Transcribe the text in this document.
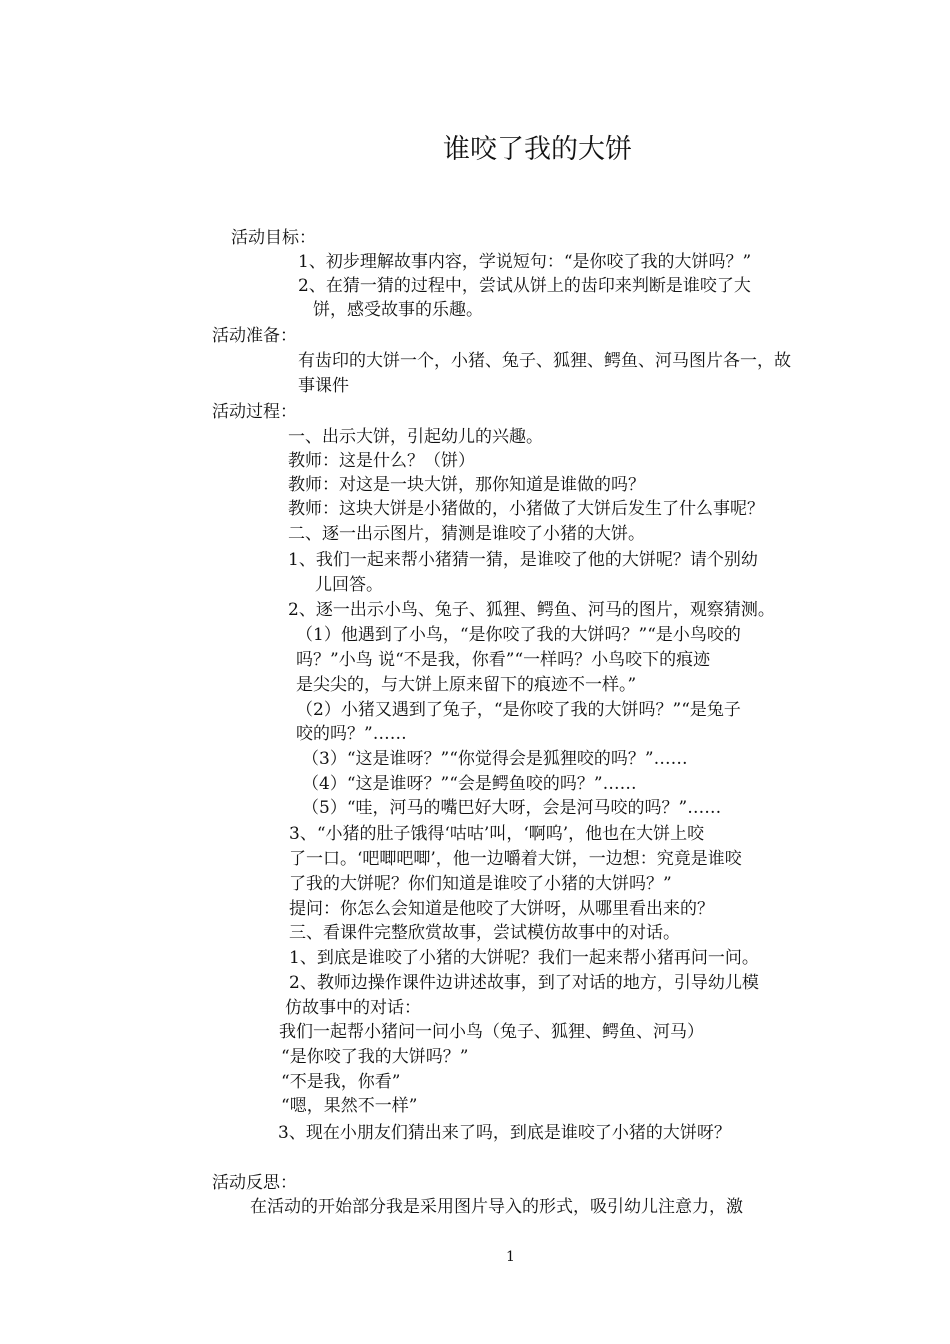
谁咬了我的大饼
活动目标：
1、初步理解故事内容，学说短句：“是你咬了我的大饼吗？”
2、在猜一猜的过程中，尝试从饼上的齿印来判断是谁咬了大
饼，感受故事的乐趣。
活动准备：
有齿印的大饼一个，小猪、兔子、狐狸、鳄鱼、河马图片各一，故
事课件
活动过程：
一、出示大饼，引起幼儿的兴趣。
教师：这是什么？（饼）
教师：对这是一块大饼，那你知道是谁做的吗？
教师：这块大饼是小猪做的，小猪做了大饼后发生了什么事呢？
二、逐一出示图片，猜测是谁咬了小猪的大饼。
1、我们一起来帮小猪猜一猜，是谁咬了他的大饼呢？请个别幼
儿回答。
2、逐一出示小鸟、兔子、狐狸、鳄鱼、河马的图片，观察猜测。
（1）他遇到了小鸟，“是你咬了我的大饼吗？”“是小鸟咬的
吗？”小鸟 说“不是我，你看”“一样吗？小鸟咬下的痕迹
是尖尖的，与大饼上原来留下的痕迹不一样。”
（2）小猪又遇到了兔子，“是你咬了我的大饼吗？”“是兔子
咬的吗？”……
（3）“这是谁呀？”“你觉得会是狐狸咬的吗？”……
（4）“这是谁呀？”“会是鳄鱼咬的吗？”……
（5）“哇，河马的嘴巴好大呀，会是河马咬的吗？”……
3、“小猪的肚子饿得‘咕咕’叫，‘啊呜’，他也在大饼上咬
了一口。‘吧唧吧唧’，他一边嚼着大饼，一边想：究竟是谁咬
了我的大饼呢？你们知道是谁咬了小猪的大饼吗？”
提问：你怎么会知道是他咬了大饼呀，从哪里看出来的？
三、看课件完整欣赏故事，尝试模仿故事中的对话。
1、到底是谁咬了小猪的大饼呢？我们一起来帮小猪再问一问。
2、教师边操作课件边讲述故事，到了对话的地方，引导幼儿模
仿故事中的对话：
我们一起帮小猪问一问小鸟（兔子、狐狸、鳄鱼、河马）
“是你咬了我的大饼吗？”
“不是我，你看”
“嗯，果然不一样”
3、现在小朋友们猜出来了吗，到底是谁咬了小猪的大饼呀？
活动反思：
在活动的开始部分我是采用图片导入的形式，吸引幼儿注意力，激
1
